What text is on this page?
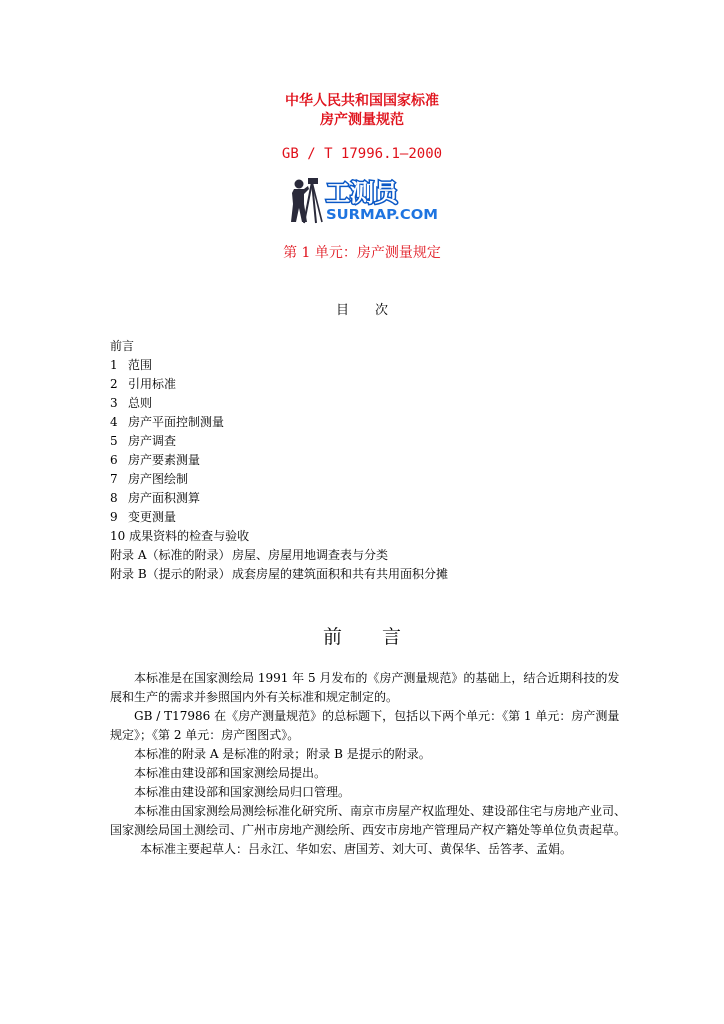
中华人民共和国国家标准
房产测量规范
GB / T 17996.1—2000
工测员
SURMAP.COM
第 1 单元：房产测量规定
目次
前言
1 范围
2 引用标准
3 总则
4 房产平面控制测量
5 房产调查
6 房产要素测量
7 房产图绘制
8 房产面积测算
9 变更测量
10 成果资料的检查与验收
附录 A（标准的附录） 房屋、房屋用地调查表与分类
附录 B（提示的附录）成套房屋的建筑面积和共有共用面积分摊
前言
本标准是在国家测绘局 1991 年 5 月发布的《房产测量规范》的基础上，结合近期科技的发展和生产的需求并参照国内外有关标准和规定制定的。
GB / T17986 在《房产测量规范》的总标题下，包括以下两个单元：《第 1 单元：房产测量规定》；《第 2 单元：房产图图式》。
本标准的附录 A 是标准的附录；附录 B 是提示的附录。
本标准由建设部和国家测绘局提出。
本标准由建设部和国家测绘局归口管理。
本标准由国家测绘局测绘标准化研究所、南京市房屋产权监理处、建设部住宅与房地产业司、国家测绘局国土测绘司、广州市房地产测绘所、西安市房地产管理局产权产籍处等单位负责起草。
本标准主要起草人：吕永江、华如宏、唐国芳、刘大可、黄保华、岳答孝、孟娟。
